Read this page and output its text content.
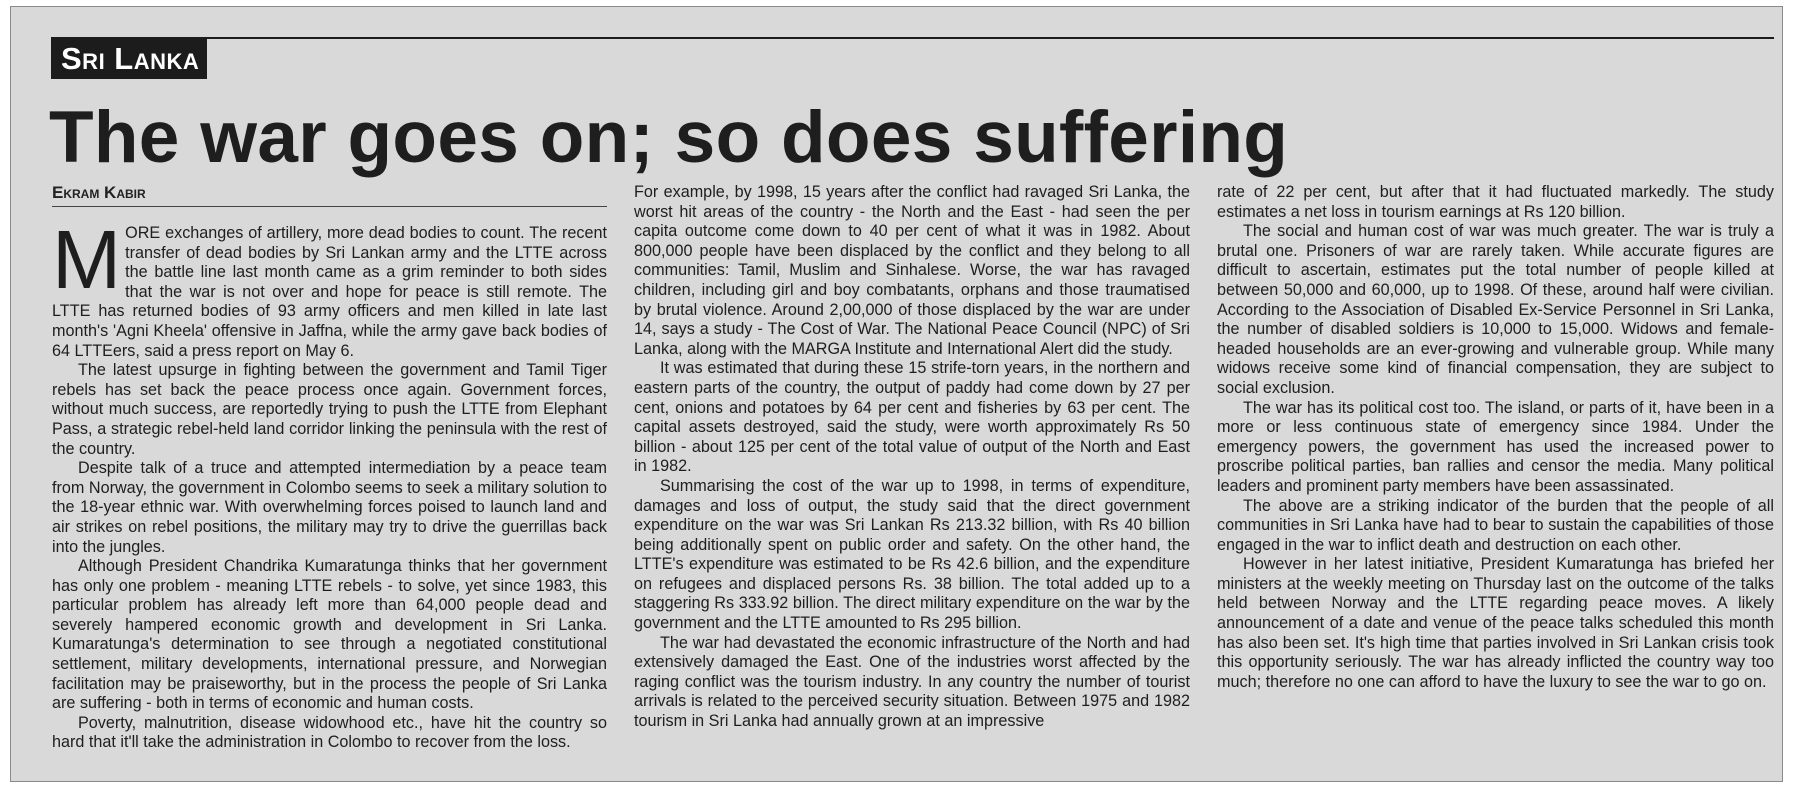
Sri Lanka
The war goes on; so does suffering
Ekram Kabir

MORE exchanges of artillery, more dead bodies to count. The recent transfer of dead bodies by Sri Lankan army and the LTTE across the battle line last month came as a grim reminder to both sides that the war is not over and hope for peace is still remote. The LTTE has returned bodies of 93 army officers and men killed in late last month's 'Agni Kheela' offensive in Jaffna, while the army gave back bodies of 64 LTTEers, said a press report on May 6.

The latest upsurge in fighting between the government and Tamil Tiger rebels has set back the peace process once again. Government forces, without much success, are reportedly trying to push the LTTE from Elephant Pass, a strategic rebel-held land corridor linking the peninsula with the rest of the country.

Despite talk of a truce and attempted intermediation by a peace team from Norway, the government in Colombo seems to seek a military solution to the 18-year ethnic war. With overwhelming forces poised to launch land and air strikes on rebel positions, the military may try to drive the guerrillas back into the jungles.

Although President Chandrika Kumaratunga thinks that her government has only one problem - meaning LTTE rebels - to solve, yet since 1983, this particular problem has already left more than 64,000 people dead and severely hampered economic growth and development in Sri Lanka. Kumaratunga's determination to see through a negotiated constitutional settlement, military developments, international pressure, and Norwegian facilitation may be praiseworthy, but in the process the people of Sri Lanka are suffering - both in terms of economic and human costs.

Poverty, malnutrition, disease widowhood etc., have hit the country so hard that it'll take the administration in Colombo to recover from the loss.

For example, by 1998, 15 years after the conflict had ravaged Sri Lanka, the worst hit areas of the country - the North and the East - had seen the per capita outcome come down to 40 per cent of what it was in 1982. About 800,000 people have been displaced by the conflict and they belong to all communities: Tamil, Muslim and Sinhalese. Worse, the war has ravaged children, including girl and boy combatants, orphans and those traumatised by brutal violence. Around 2,00,000 of those displaced by the war are under 14, says a study - The Cost of War. The National Peace Council (NPC) of Sri Lanka, along with the MARGA Institute and International Alert did the study.

It was estimated that during these 15 strife-torn years, in the northern and eastern parts of the country, the output of paddy had come down by 27 per cent, onions and potatoes by 64 per cent and fisheries by 63 per cent. The capital assets destroyed, said the study, were worth approximately Rs 50 billion - about 125 per cent of the total value of output of the North and East in 1982.

Summarising the cost of the war up to 1998, in terms of expenditure, damages and loss of output, the study said that the direct government expenditure on the war was Sri Lankan Rs 213.32 billion, with Rs 40 billion being additionally spent on public order and safety. On the other hand, the LTTE's expenditure was estimated to be Rs 42.6 billion, and the expenditure on refugees and displaced persons Rs. 38 billion. The total added up to a staggering Rs 333.92 billion. The direct military expenditure on the war by the government and the LTTE amounted to Rs 295 billion.

The war had devastated the economic infrastructure of the North and had extensively damaged the East. One of the industries worst affected by the raging conflict was the tourism industry. In any country the number of tourist arrivals is related to the perceived security situation. Between 1975 and 1982 tourism in Sri Lanka had annually grown at an impressive

rate of 22 per cent, but after that it had fluctuated markedly. The study estimates a net loss in tourism earnings at Rs 120 billion.

The social and human cost of war was much greater. The war is truly a brutal one. Prisoners of war are rarely taken. While accurate figures are difficult to ascertain, estimates put the total number of people killed at between 50,000 and 60,000, up to 1998. Of these, around half were civilian. According to the Association of Disabled Ex-Service Personnel in Sri Lanka, the number of disabled soldiers is 10,000 to 15,000. Widows and female-headed households are an ever-growing and vulnerable group. While many widows receive some kind of financial compensation, they are subject to social exclusion.

The war has its political cost too. The island, or parts of it, have been in a more or less continuous state of emergency since 1984. Under the emergency powers, the government has used the increased power to proscribe political parties, ban rallies and censor the media. Many political leaders and prominent party members have been assassinated.

The above are a striking indicator of the burden that the people of all communities in Sri Lanka have had to bear to sustain the capabilities of those engaged in the war to inflict death and destruction on each other.

However in her latest initiative, President Kumaratunga has briefed her ministers at the weekly meeting on Thursday last on the outcome of the talks held between Norway and the LTTE regarding peace moves. A likely announcement of a date and venue of the peace talks scheduled this month has also been set. It's high time that parties involved in Sri Lankan crisis took this opportunity seriously. The war has already inflicted the country way too much; therefore no one can afford to have the luxury to see the war to go on.
